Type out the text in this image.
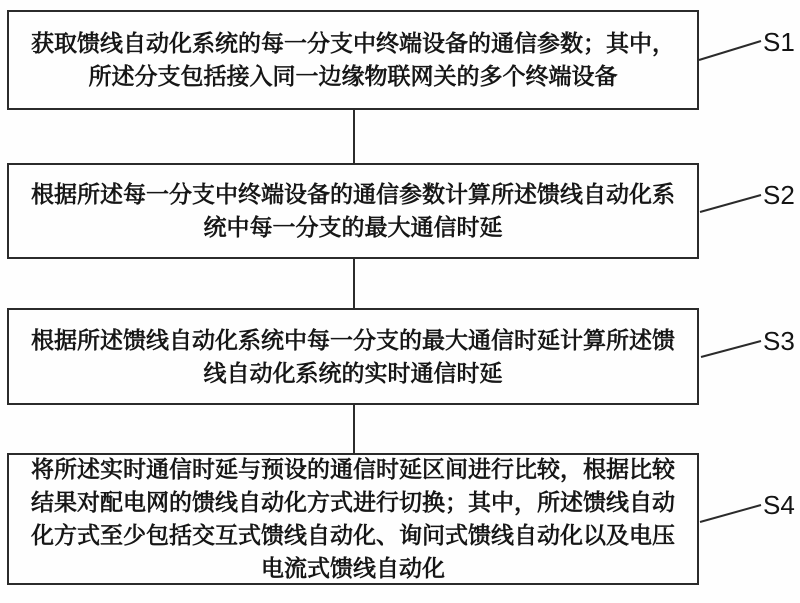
获取馈线自动化系统的每一分支中终端设备的通信参数；其中，
所述分支包括接入同一边缘物联网关的多个终端设备
根据所述每一分支中终端设备的通信参数计算所述馈线自动化系
统中每一分支的最大通信时延
根据所述馈线自动化系统中每一分支的最大通信时延计算所述馈
线自动化系统的实时通信时延
将所述实时通信时延与预设的通信时延区间进行比较，根据比较
结果对配电网的馈线自动化方式进行切换；其中，所述馈线自动
化方式至少包括交互式馈线自动化、询问式馈线自动化以及电压
电流式馈线自动化
S1
S2
S3
S4
